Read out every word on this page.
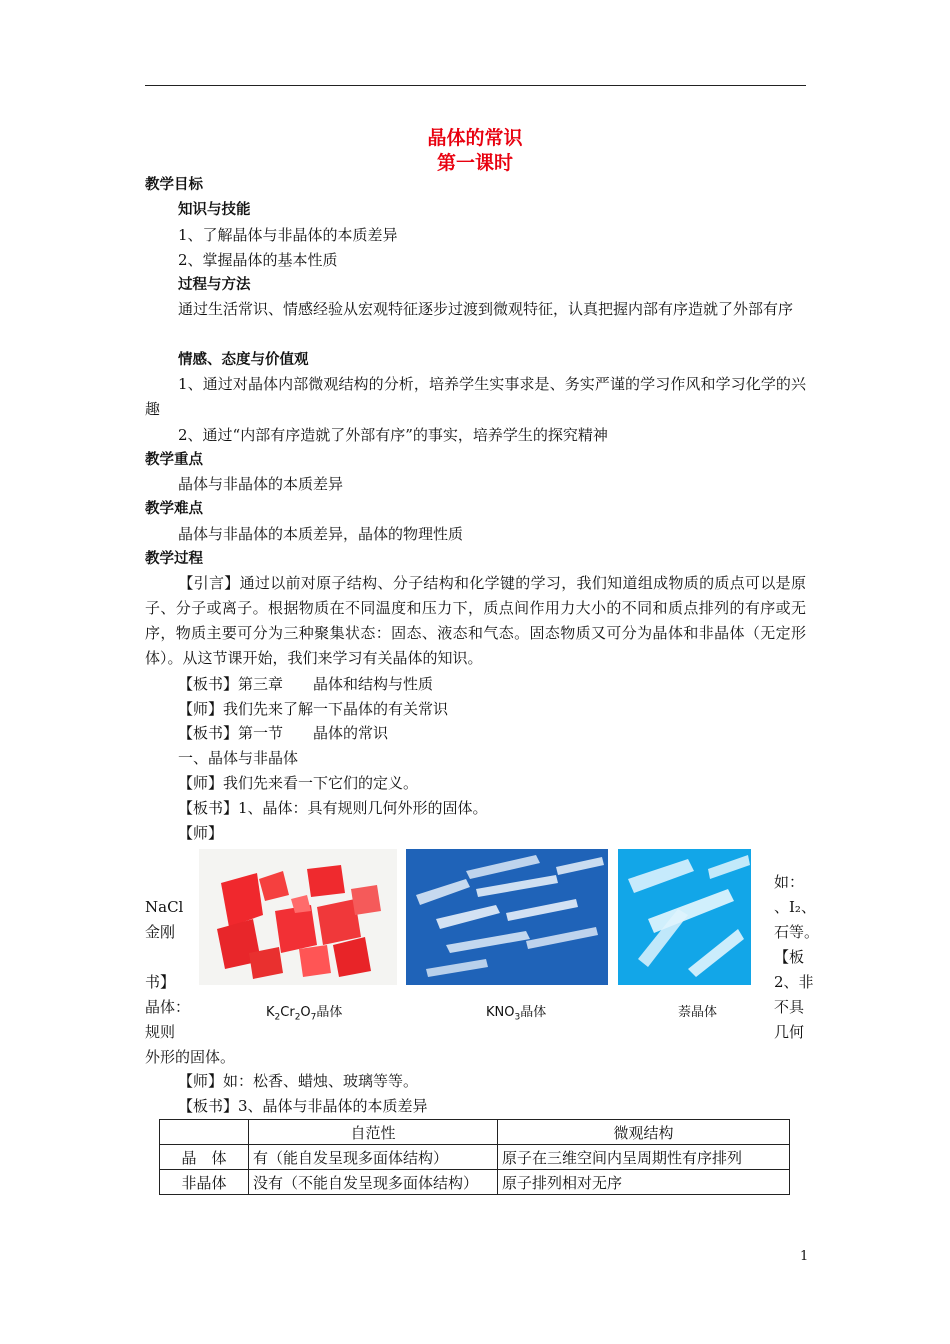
晶体的常识
第一课时
教学目标
知识与技能
1、了解晶体与非晶体的本质差异
2、掌握晶体的基本性质
过程与方法
通过生活常识、情感经验从宏观特征逐步过渡到微观特征，认真把握内部有序造就了外部有序
情感、态度与价值观
1、通过对晶体内部微观结构的分析，培养学生实事求是、务实严谨的学习作风和学习化学的兴趣
2、通过“内部有序造就了外部有序”的事实，培养学生的探究精神
教学重点
晶体与非晶体的本质差异
教学难点
晶体与非晶体的本质差异，晶体的物理性质
教学过程
【引言】通过以前对原子结构、分子结构和化学键的学习，我们知道组成物质的质点可以是原子、分子或离子。根据物质在不同温度和压力下，质点间作用力大小的不同和质点排列的有序或无序，物质主要可分为三种聚集状态：固态、液态和气态。固态物质又可分为晶体和非晶体（无定形体）。从这节课开始，我们来学习有关晶体的知识。
【板书】第三章　　晶体和结构与性质
【师】我们先来了解一下晶体的有关常识
【板书】第一节　　晶体的常识
一、晶体与非晶体
【师】我们先来看一下它们的定义。
【板书】1、晶体：具有规则几何外形的固体。
【师】
NaCl
金刚
书】
晶体：
规则
如：
、I₂、
石等。
【板
2、非
不具
几何
外形的固体。
$K_2Cr_2O_7$晶体	$KNO_3$晶体	萘晶体
【师】如：松香、蜡烛、玻璃等等。
【板书】3、晶体与非晶体的本质差异
	自范性	微观结构
晶　体	有（能自发呈现多面体结构）	原子在三维空间内呈周期性有序排列
非晶体	没有（不能自发呈现多面体结构）	原子排列相对无序
1
